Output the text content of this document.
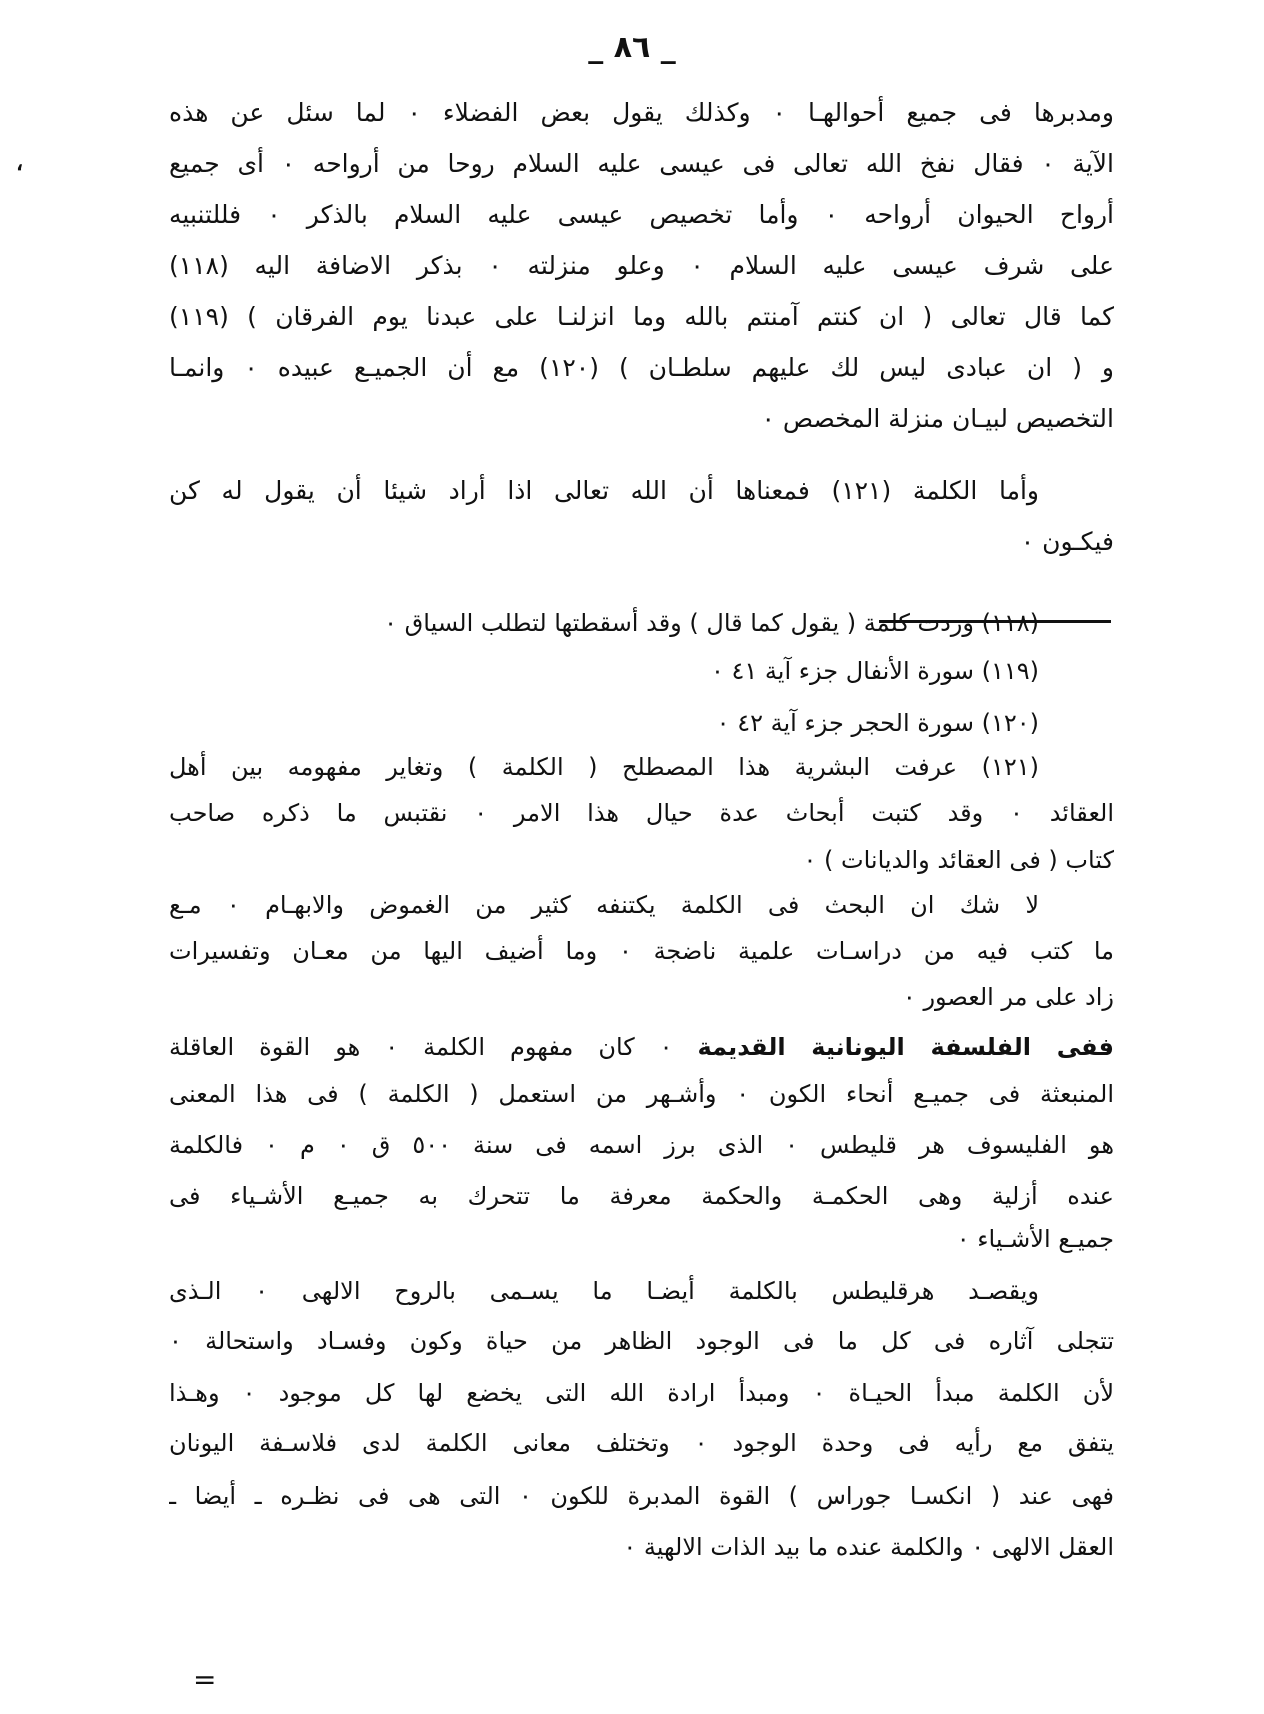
_ ٨٦ _
،
ومدبرها فى جميع أحوالهـا ٠ وكذلك يقول بعض الفضلاء ٠ لما سئل عن هذه
الآية ٠ فقال نفخ الله تعالى فى عيسى عليه السلام روحا من أرواحه ٠ أى جميع
أرواح الحيوان أرواحه ٠ وأما تخصيص عيسى عليه السلام بالذكر ٠ فللتنبيه
على شرف عيسى عليه السلام ٠ وعلو منزلته ٠ بذكر الاضافة اليه (١١٨)
كما قال تعالى ( ان كنتم آمنتم بالله وما انزلنـا على عبدنا يوم الفرقان ) (١١٩)
و ( ان عبادى ليس لك عليهم سلطـان ) (١٢٠) مع أن الجميـع عبيده ٠ وانمـا
التخصيص لبيـان منزلة المخصص ٠
وأما الكلمة (١٢١) فمعناها أن الله تعالى اذا أراد شيئا أن يقول له كن
فيكـون ٠
(١١٨) وردت كلمة ( يقول كما قال ) وقد أسقطتها لتطلب السياق ٠
(١١٩) سورة الأنفال جزء آية ٤١ ٠
(١٢٠) سورة الحجر جزء آية ٤٢ ٠
(١٢١) عرفت البشرية هذا المصطلح ( الكلمة ) وتغاير مفهومه بين أهل
العقائد ٠ وقد كتبت أبحاث عدة حيال هذا الامر ٠ نقتبس ما ذكره صاحب
كتاب ( فى العقائد والديانات ) ٠
لا شك ان البحث فى الكلمة يكتنفه كثير من الغموض والابهـام ٠ مـع
ما كتب فيه من دراسـات علمية ناضجة ٠ وما أضيف اليها من معـان وتفسيرات
زاد على مر العصور ٠
ففى الفلسفة اليونانية القديمة ٠ كان مفهوم الكلمة ٠ هو القوة العاقلة
المنبعثة فى جميـع أنحاء الكون ٠ وأشـهر من استعمل ( الكلمة ) فى هذا المعنى
هو الفليسوف هر قليطس ٠ الذى برز اسمه فى سنة ٥٠٠ ق ٠ م ٠ فالكلمة
عنده أزلية وهى الحكمـة والحكمة معرفة ما تتحرك به جميـع الأشـياء فى
جميـع الأشـياء ٠
ويقصـد هرقليطس بالكلمة أيضـا ما يسـمى بالروح الالهى ٠ الـذى
تتجلى آثاره فى كل ما فى الوجود الظاهر من حياة وكون وفسـاد واستحالة ٠
لأن الكلمة مبدأ الحيـاة ٠ ومبدأ ارادة الله التى يخضع لها كل موجود ٠ وهـذا
يتفق مع رأيه فى وحدة الوجود ٠ وتختلف معانى الكلمة لدى فلاسـفة اليونان
فهى عند ( انكسـا جوراس ) القوة المدبرة للكون ٠ التى هى فى نظـره ـ أيضا ـ
العقل الالهى ٠ والكلمة عنده ما بيد الذات الالهية ٠
=
